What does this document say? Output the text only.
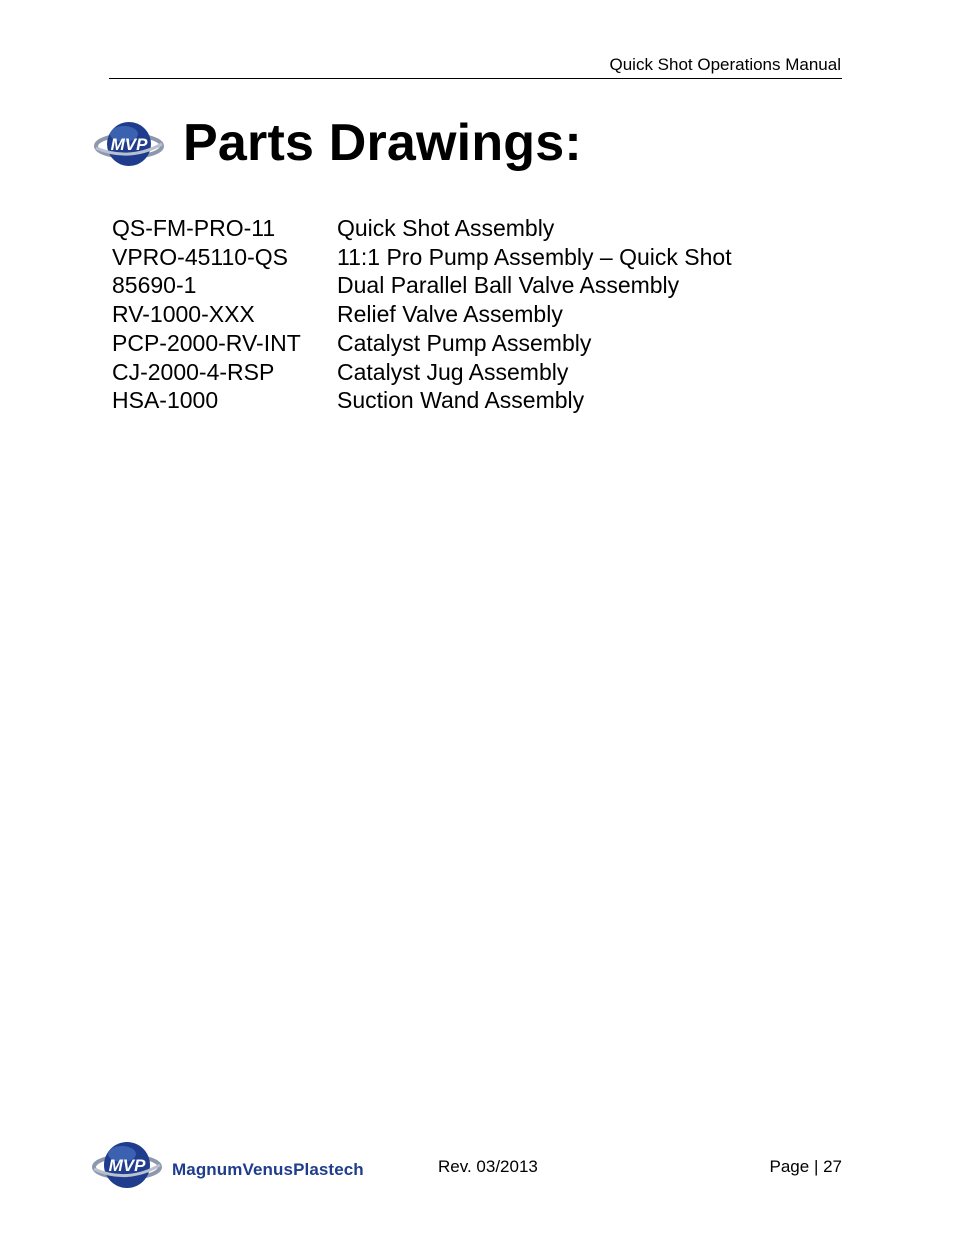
Quick Shot Operations Manual
MVP Parts Drawings:
QS-FM-PRO-11	Quick Shot Assembly
VPRO-45110-QS	11:1 Pro Pump Assembly – Quick Shot
85690-1	Dual Parallel Ball Valve Assembly
RV-1000-XXX	Relief Valve Assembly
PCP-2000-RV-INT	Catalyst Pump Assembly
CJ-2000-4-RSP	Catalyst Jug Assembly
HSA-1000	Suction Wand Assembly
MVP MagnumVenusPlastech	Rev. 03/2013	Page | 27
